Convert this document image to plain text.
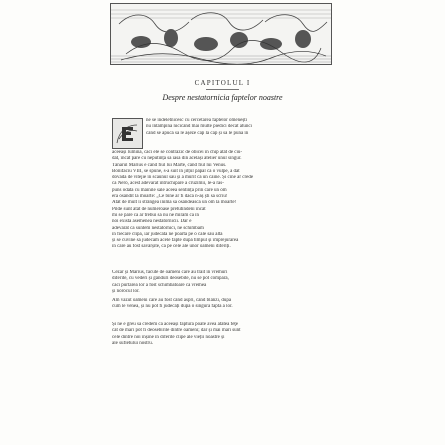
CAPITOLUL I
Despre nestatornicia faptelor noastre
ne se îndeletnicesc cu cercetarea faptelor omenești
nu întâmpină nicicând mai multe piedici decât atunci
când se apucă să le așeze cap la cap și să le pună în
aceeași lumină, căci ele se contrazic de obicei în chip atât de ciu-
dat, încât pare cu neputință să iasă din același atelier unul singur.
Tânărul Marius e când fiul lui Marte, când fiul lui Venus.
Bonifaciu VIII, se spune, s-a suit în jilțul papal ca o vulpe, a dat
dovadă de vitejie în scaunul său și a murit ca un câine. Și cine ar crede
că Nero, acest adevărat întruchipare a cruzimii, le-a răs-
puns odată cu mâinile sale aceea sentință prin care un om
era osândit la moarte: „Ce bine ar fi dacă n-aș ști să scriu!
Atât de mult îi strângea inima să osândească un om la moarte!
Pilde sunt atât de numeroase pretutindeni încât
mi se pare că ar trebui să nu ne mirăm că în
noi există asemenea nestatornicii. Dar e
adevărat că suntem nestatornici, ne schimbăm
în fiecare clipă, iar judecata ne poartă pe o cale sau alta
și se cuvine să judecăm acele fapte după timpul și împrejurarea
în care au fost săvârșite, ca pe cele ale unor oameni diferiți.
Cezar și Marius, făcute de oameni care au trăit în vremuri
diferite, cu vederi și gânduri deosebite, nu se pot compara,
căci purtarea lor a fost schimbătoare ca vremea
și norocul lor.
Am văzut oameni care au fost când aspri, când blânzi, după
cum le venea, și nu pot fi judecați după o singură faptă a lor.
Și ne e greu să credem că aceeași făptură poate avea atâtea feţe
cât de mari pot fi deosebirile dintre oameni; dar și mai mari sunt
cele dintre noi înșine în diferite clipe ale vieții noastre și
ale sufletului nostru.
